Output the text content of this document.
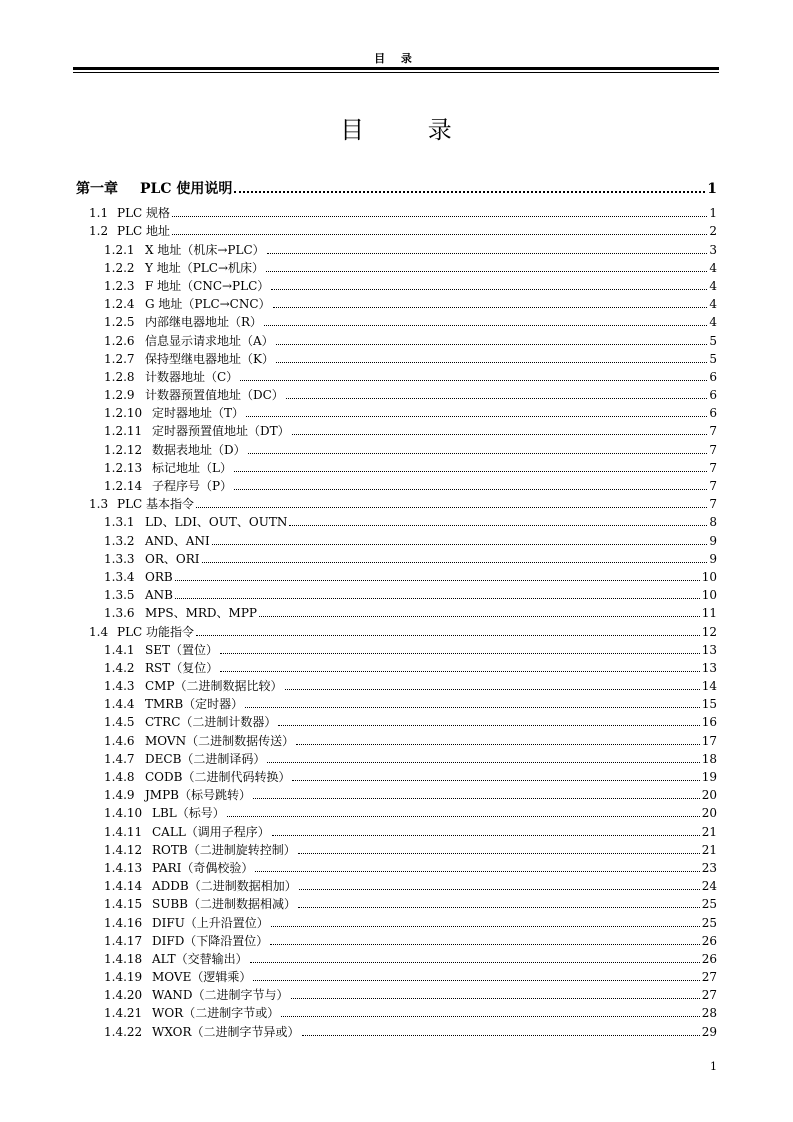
目 录
目 录
第一章	PLC 使用说明	1
1.1 PLC 规格	1
1.2 PLC 地址	2
1.2.1 X 地址（机床→PLC）	3
1.2.2 Y 地址（PLC→机床）	4
1.2.3 F 地址（CNC→PLC）	4
1.2.4 G 地址（PLC→CNC）	4
1.2.5 内部继电器地址（R）	4
1.2.6 信息显示请求地址（A）	5
1.2.7 保持型继电器地址（K）	5
1.2.8 计数器地址（C）	6
1.2.9 计数器预置值地址（DC）	6
1.2.10 定时器地址（T）	6
1.2.11 定时器预置值地址（DT）	7
1.2.12 数据表地址（D）	7
1.2.13 标记地址（L）	7
1.2.14 子程序号（P）	7
1.3 PLC 基本指令	7
1.3.1 LD、LDI、OUT、OUTN	8
1.3.2 AND、ANI	9
1.3.3 OR、ORI	9
1.3.4 ORB	10
1.3.5 ANB	10
1.3.6 MPS、MRD、MPP	11
1.4 PLC 功能指令	12
1.4.1 SET（置位）	13
1.4.2 RST（复位）	13
1.4.3 CMP（二进制数据比较）	14
1.4.4 TMRB（定时器）	15
1.4.5 CTRC（二进制计数器）	16
1.4.6 MOVN（二进制数据传送）	17
1.4.7 DECB（二进制译码）	18
1.4.8 CODB（二进制代码转换）	19
1.4.9 JMPB（标号跳转）	20
1.4.10 LBL（标号）	20
1.4.11 CALL（调用子程序）	21
1.4.12 ROTB（二进制旋转控制）	21
1.4.13 PARI（奇偶校验）	23
1.4.14 ADDB（二进制数据相加）	24
1.4.15 SUBB（二进制数据相减）	25
1.4.16 DIFU（上升沿置位）	25
1.4.17 DIFD（下降沿置位）	26
1.4.18 ALT（交替输出）	26
1.4.19 MOVE（逻辑乘）	27
1.4.20 WAND（二进制字节与）	27
1.4.21 WOR（二进制字节或）	28
1.4.22 WXOR（二进制字节异或）	29
1
